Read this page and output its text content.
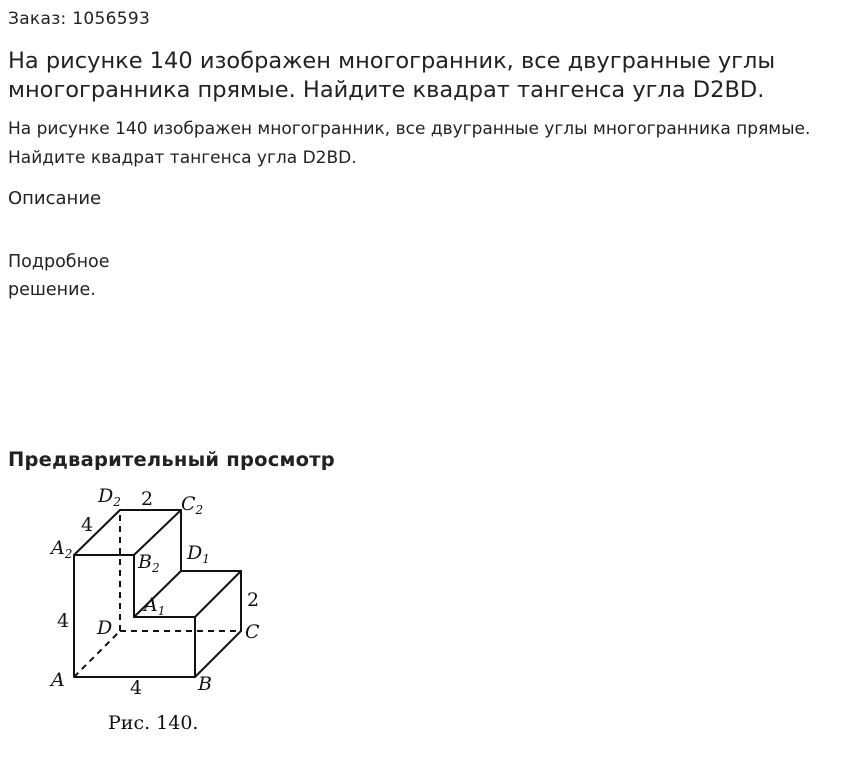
Заказ: 1056593
На рисунке 140 изображен многогранник, все двугранные углы многогранника прямые. Найдите квадрат тангенса угла D2BD.
На рисунке 140 изображен многогранник, все двугранные углы многогранника прямые. Найдите квадрат тангенса угла D2BD.
Описание
Подробное решение.
Предварительный просмотр
$D_2$	$C_2$
$A_2$	$B_2$
$D_1$
$A_1$
D	C
A	B
2
4
4
2
4
Рис. 140.
